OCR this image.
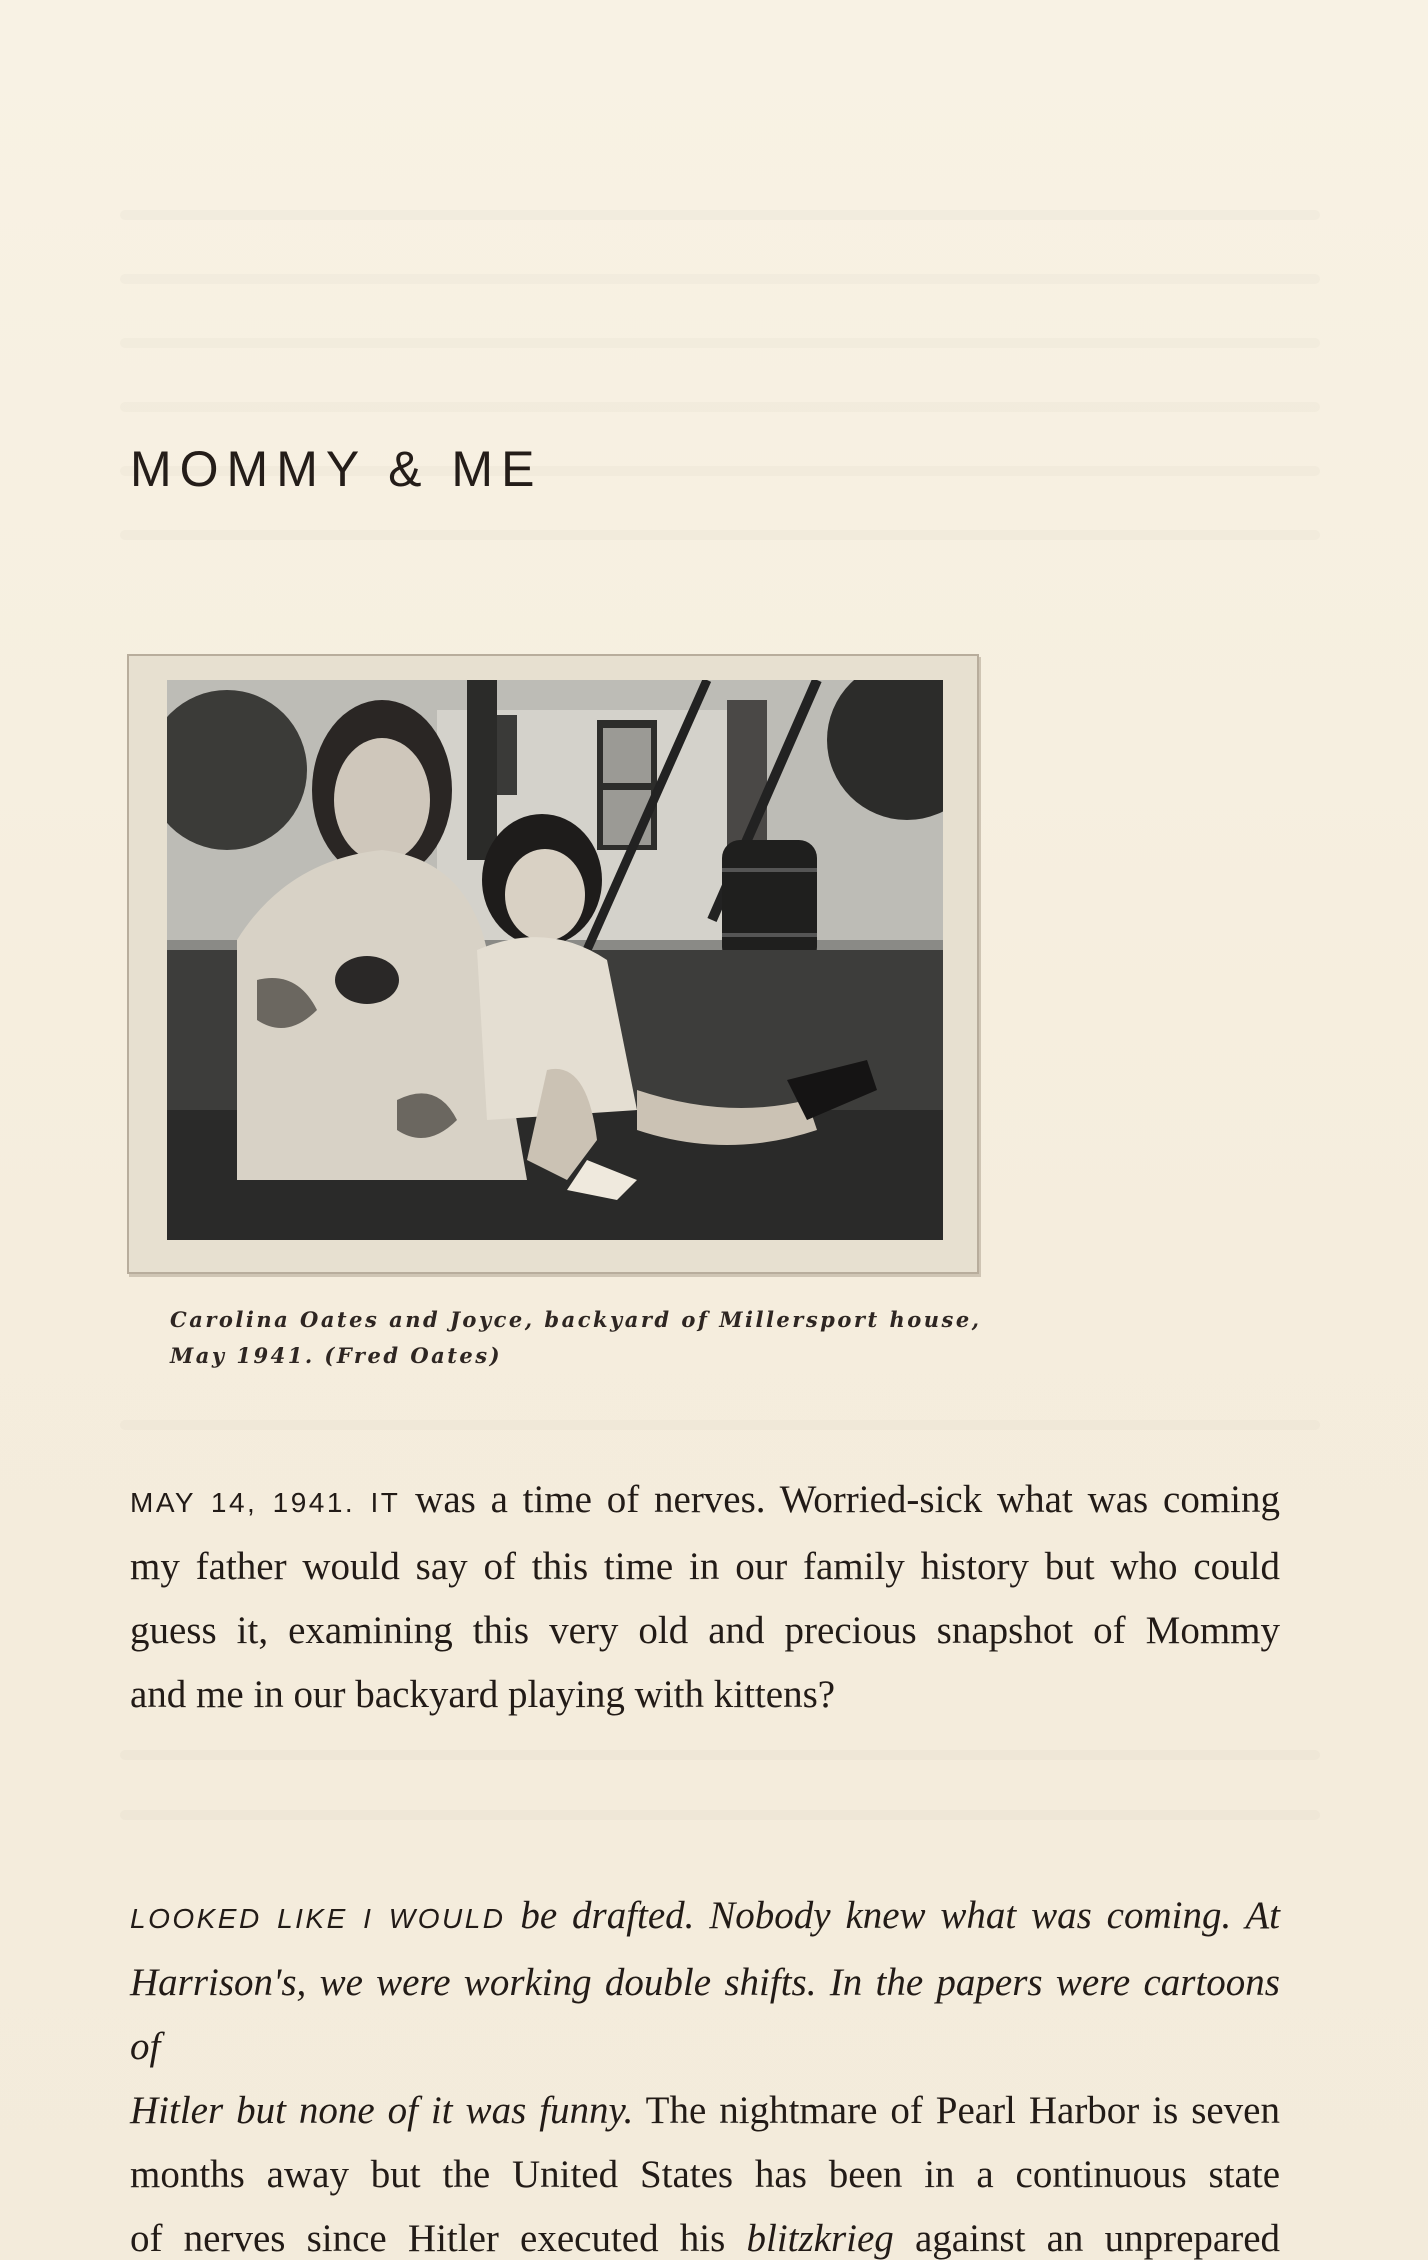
MOMMY & ME
Carolina Oates and Joyce, backyard of Millersport house,
May 1941. (Fred Oates)
MAY 14, 1941. IT was a time of nerves. Worried-sick what was coming
my father would say of this time in our family history but who could
guess it, examining this very old and precious snapshot of Mommy
and me in our backyard playing with kittens?
LOOKED LIKE I WOULD be drafted. Nobody knew what was coming. At
Harrison's, we were working double shifts. In the papers were cartoons of
Hitler but none of it was funny. The nightmare of Pearl Harbor is seven
months away but the United States has been in a continuous state
of nerves since Hitler executed his blitzkrieg against an unprepared
